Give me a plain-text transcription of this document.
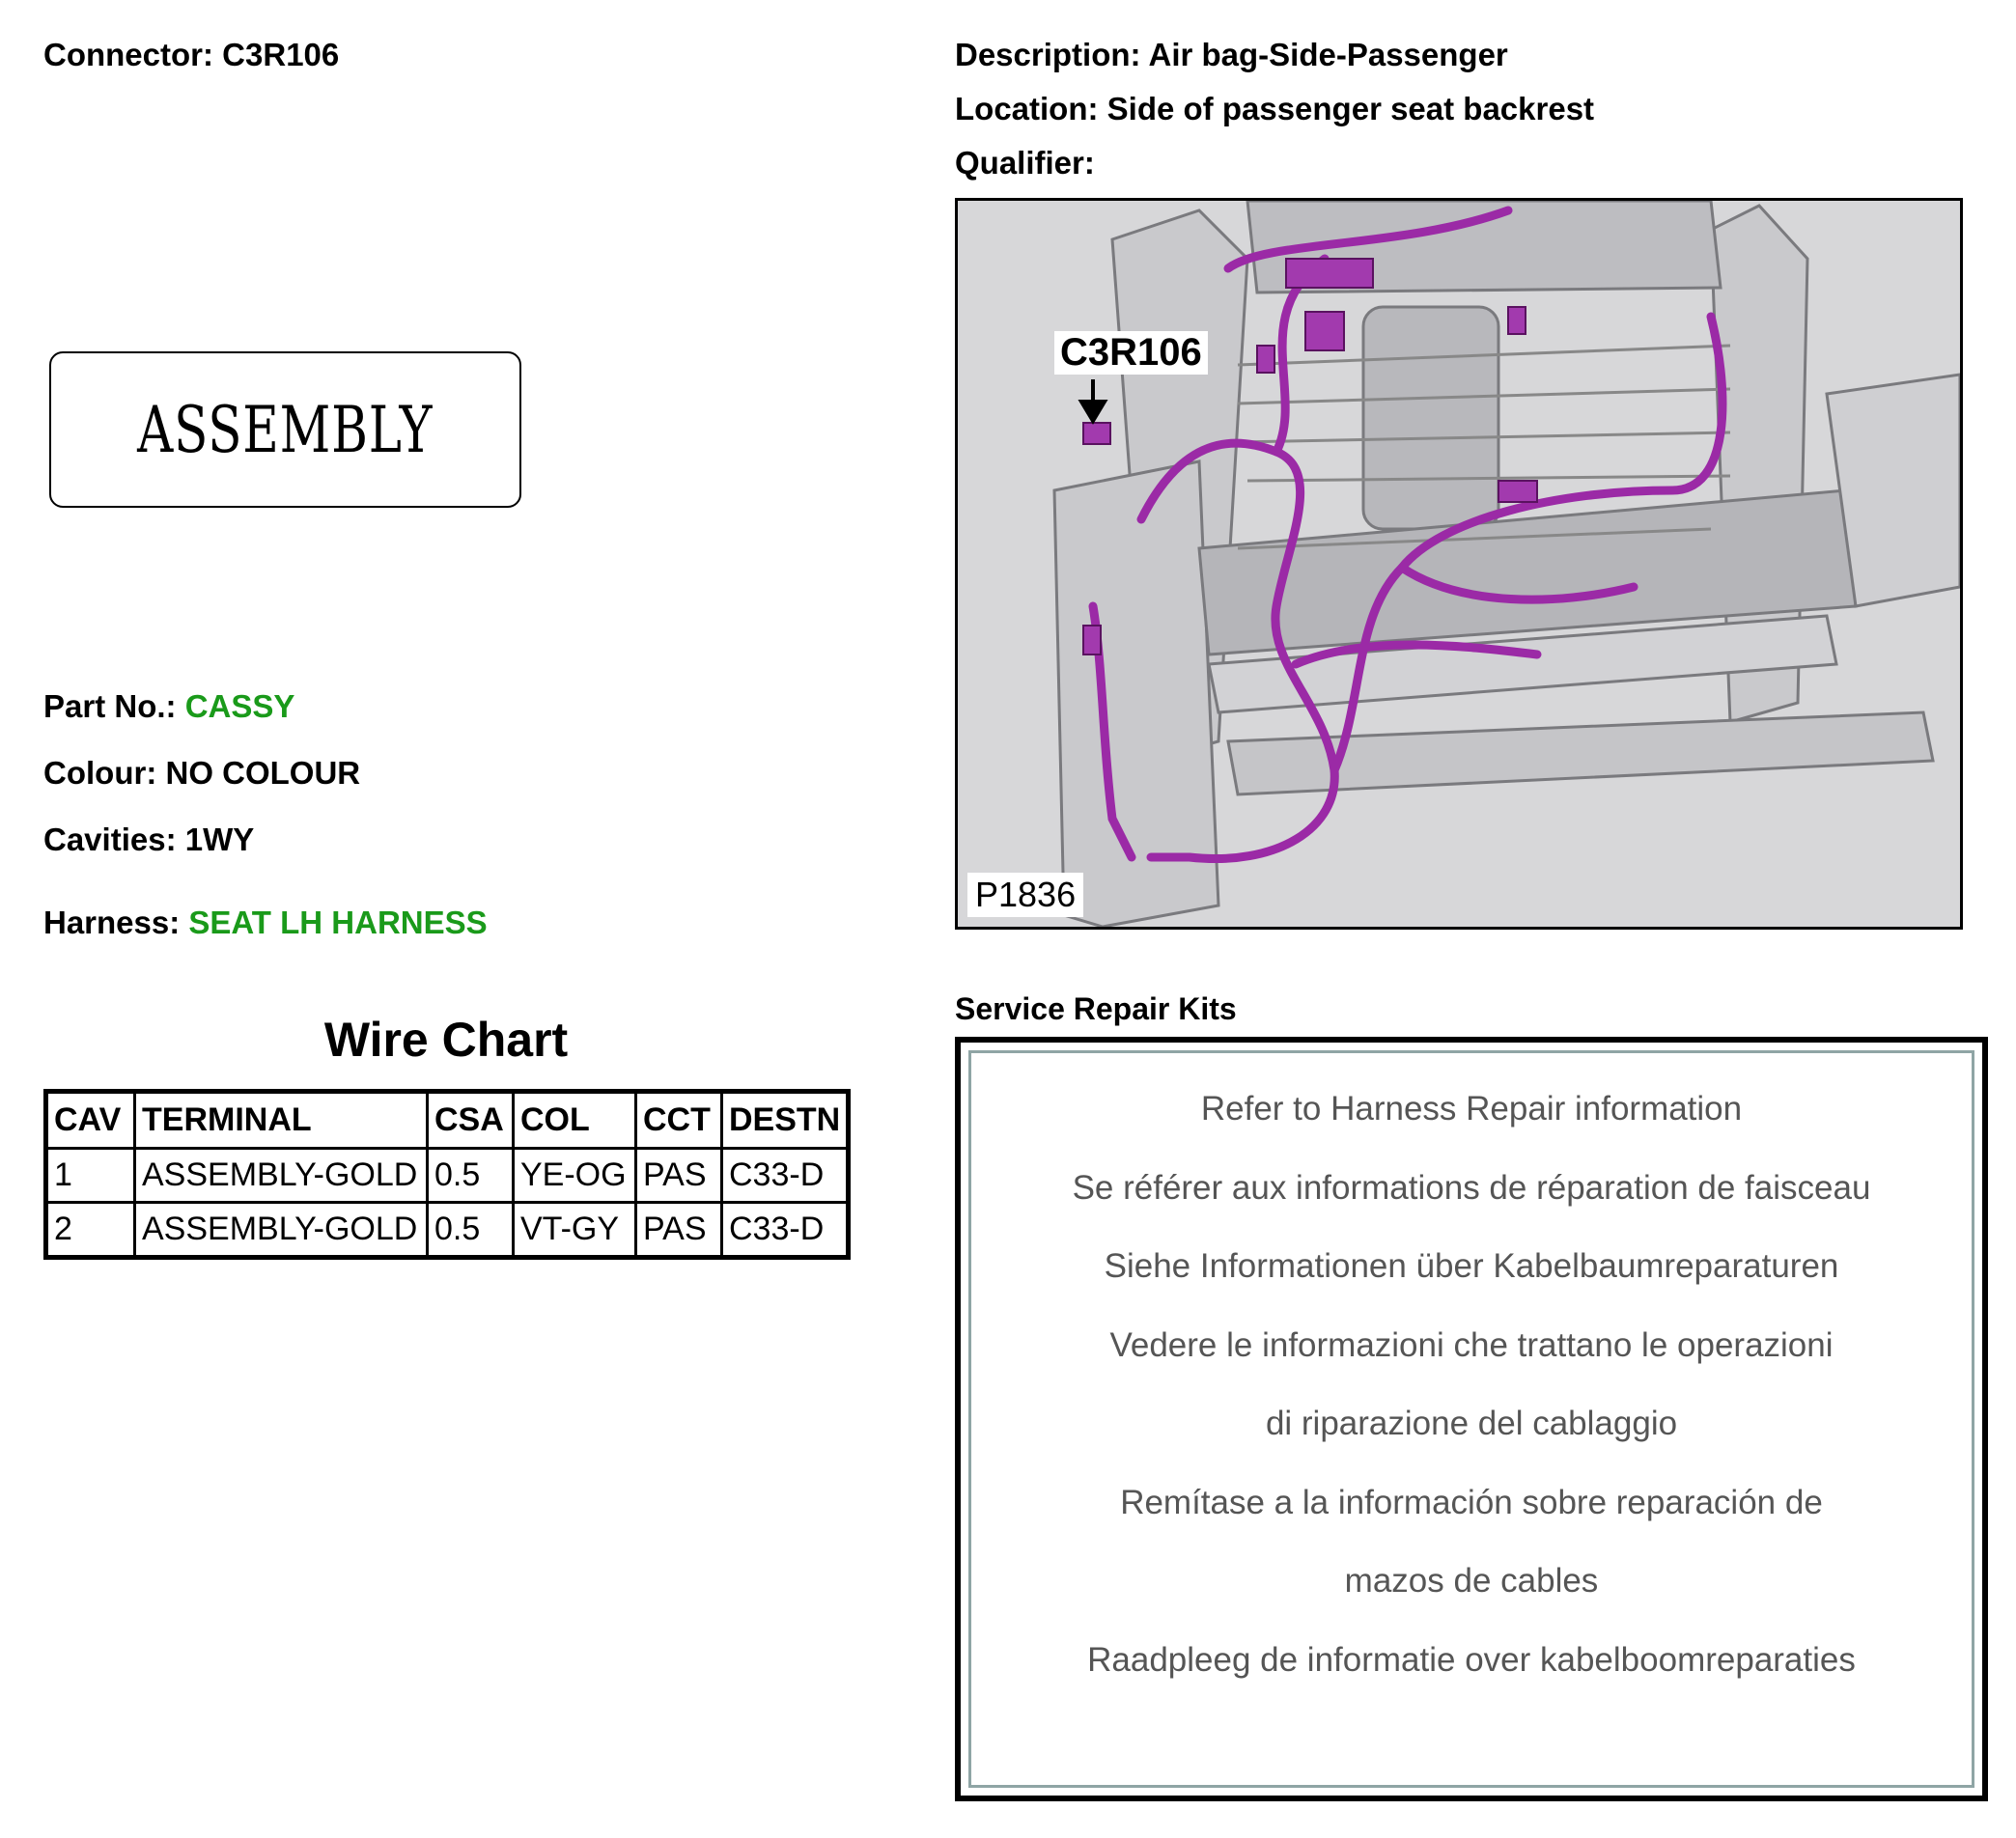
Connector: C3R106	Description: Air bag-Side-Passenger
Location: Side of passenger seat backrest
Qualifier:
ASSEMBLY
Part No.: CASSY
Colour: NO COLOUR
Cavities: 1WY
Harness: SEAT LH HARNESS
Wire Chart
CAV	TERMINAL	CSA	COL	CCT	DESTN
1	ASSEMBLY-GOLD	0.5	YE-OG	PAS	C33-D
2	ASSEMBLY-GOLD	0.5	VT-GY	PAS	C33-D
C3R106
P1836
Service Repair Kits
Refer to Harness Repair information
Se référer aux informations de réparation de faisceau
Siehe Informationen über Kabelbaumreparaturen
Vedere le informazioni che trattano le operazioni
di riparazione del cablaggio
Remítase a la información sobre reparación de
mazos de cables
Raadpleeg de informatie over kabelboomreparaties
